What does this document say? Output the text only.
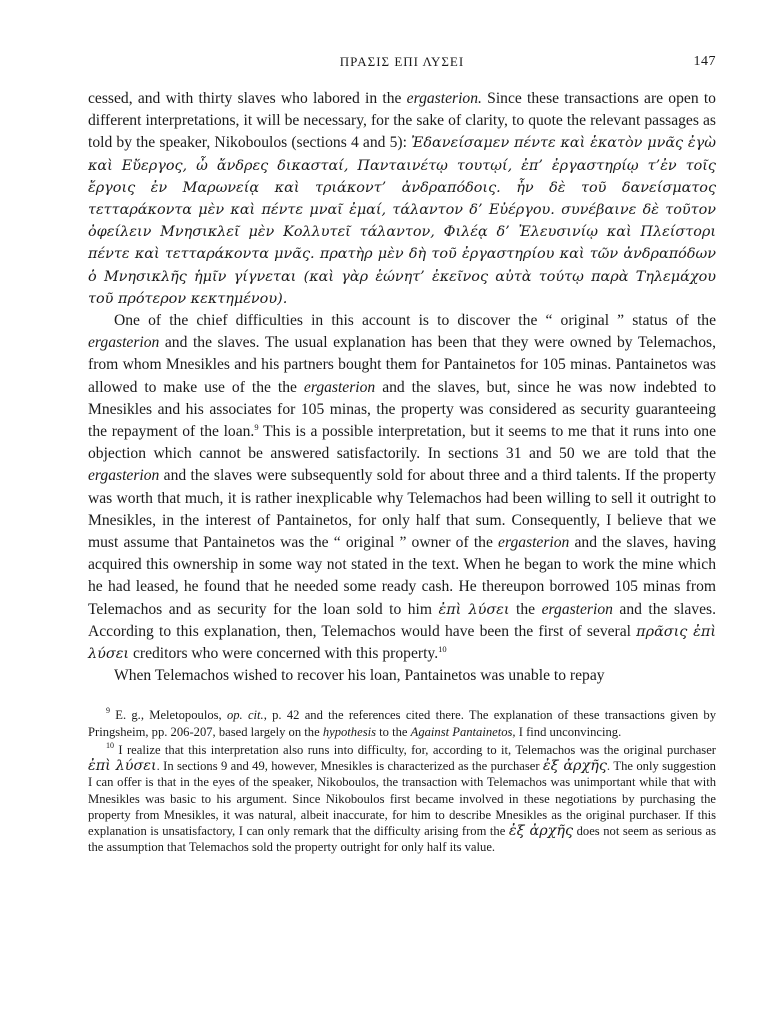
ΠΡΑΣΙΣ ΕΠΙ ΛΥΣΕΙ	147

cessed, and with thirty slaves who labored in the ergasterion. Since these transactions are open to different interpretations, it will be necessary, for the sake of clarity, to quote the relevant passages as told by the speaker, Nikoboulos (sections 4 and 5): Ἐδανείσαμεν πέντε καὶ ἑκατὸν μνᾶς ἐγὼ καὶ Εὔεργος, ὦ ἄνδρες δικασταί, Πανταινέτῳ τουτῳί, ἐπ’ ἐργαστηρίῳ τ’ἐν τοῖς ἔργοις ἐν Μαρωνείᾳ καὶ τριάκοντ’ ἀνδραπόδοις. ἦν δὲ τοῦ δανείσματος τετταράκοντα μὲν καὶ πέντε μναῖ ἐμαί, τάλαντον δ’ Εὐέργου. συνέβαινε δὲ τοῦτον ὀφείλειν Μνησικλεῖ μὲν Κολλυτεῖ τάλαντον, Φιλέᾳ δ’ Ἐλευσινίῳ καὶ Πλείστορι πέντε καὶ τετταράκοντα μνᾶς. πρατὴρ μὲν δὴ τοῦ ἐργαστηρίου καὶ τῶν ἀνδραπόδων ὁ Μνησικλῆς ἡμῖν γίγνεται (καὶ γὰρ ἑώνητ’ ἐκεῖνος αὐτὰ τούτῳ παρὰ Τηλεμάχου τοῦ πρότερον κεκτημένου).

One of the chief difficulties in this account is to discover the “ original ” status of the ergasterion and the slaves. The usual explanation has been that they were owned by Telemachos, from whom Mnesikles and his partners bought them for Pantainetos for 105 minas. Pantainetos was allowed to make use of the the ergasterion and the slaves, but, since he was now indebted to Mnesikles and his associates for 105 minas, the property was considered as security guaranteeing the repayment of the loan.$^9$ This is a possible interpretation, but it seems to me that it runs into one objection which cannot be answered satisfactorily. In sections 31 and 50 we are told that the ergasterion and the slaves were subsequently sold for about three and a third talents. If the property was worth that much, it is rather inexplicable why Telemachos had been willing to sell it outright to Mnesikles, in the interest of Pantainetos, for only half that sum. Consequently, I believe that we must assume that Pantainetos was the “ original ” owner of the ergasterion and the slaves, having acquired this ownership in some way not stated in the text. When he began to work the mine which he had leased, he found that he needed some ready cash. He thereupon borrowed 105 minas from Telemachos and as security for the loan sold to him ἐπὶ λύσει the ergasterion and the slaves. According to this explanation, then, Telemachos would have been the first of several πρᾶσις ἐπὶ λύσει creditors who were concerned with this property.$^{10}$

When Telemachos wished to recover his loan, Pantainetos was unable to repay

$^9$ E. g., Meletopoulos, op. cit., p. 42 and the references cited there. The explanation of these transactions given by Pringsheim, pp. 206-207, based largely on the hypothesis to the Against Pantainetos, I find unconvincing.

$^{10}$ I realize that this interpretation also runs into difficulty, for, according to it, Telemachos was the original purchaser ἐπὶ λύσει. In sections 9 and 49, however, Mnesikles is characterized as the purchaser ἐξ ἀρχῆς. The only suggestion I can offer is that in the eyes of the speaker, Nikoboulos, the transaction with Telemachos was unimportant while that with Mnesikles was basic to his argument. Since Nikoboulos first became involved in these negotiations by purchasing the property from Mnesikles, it was natural, albeit inaccurate, for him to describe Mnesikles as the original purchaser. If this explanation is unsatisfactory, I can only remark that the difficulty arising from the ἐξ ἀρχῆς does not seem as serious as the assumption that Telemachos sold the property outright for only half its value.
